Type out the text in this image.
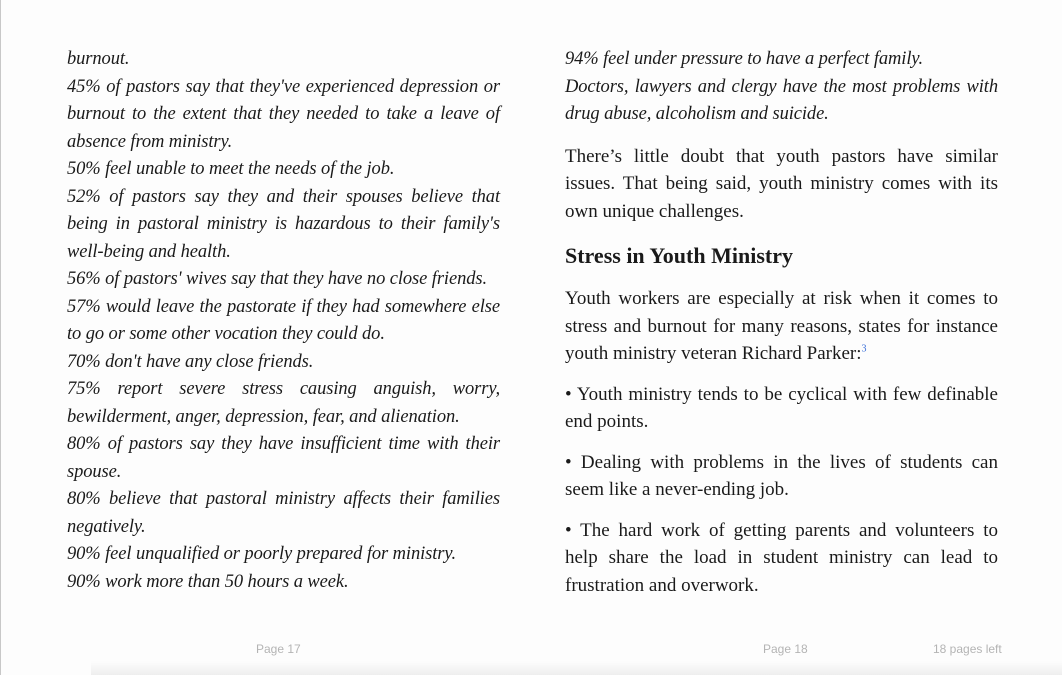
burnout.

45% of pastors say that they've experienced depression or burnout to the extent that they needed to take a leave of absence from ministry.

50% feel unable to meet the needs of the job.

52% of pastors say they and their spouses believe that being in pastoral ministry is hazardous to their family's well-being and health.

56% of pastors' wives say that they have no close friends.

57% would leave the pastorate if they had somewhere else to go or some other vocation they could do.

70% don't have any close friends.

75% report severe stress causing anguish, worry, bewilderment, anger, depression, fear, and alienation.

80% of pastors say they have insufficient time with their spouse.

80% believe that pastoral ministry affects their families negatively.

90% feel unqualified or poorly prepared for ministry.

90% work more than 50 hours a week.

94% feel under pressure to have a perfect family.

Doctors, lawyers and clergy have the most problems with drug abuse, alcoholism and suicide.

There’s little doubt that youth pastors have similar issues. That being said, youth ministry comes with its own unique challenges.

Stress in Youth Ministry

Youth workers are especially at risk when it comes to stress and burnout for many reasons, states for instance youth ministry veteran Richard Parker:$^3$

• Youth ministry tends to be cyclical with few definable end points.

• Dealing with problems in the lives of students can seem like a never-ending job.

• The hard work of getting parents and volunteers to help share the load in student ministry can lead to frustration and overwork.

Page 17	Page 18	18 pages left
